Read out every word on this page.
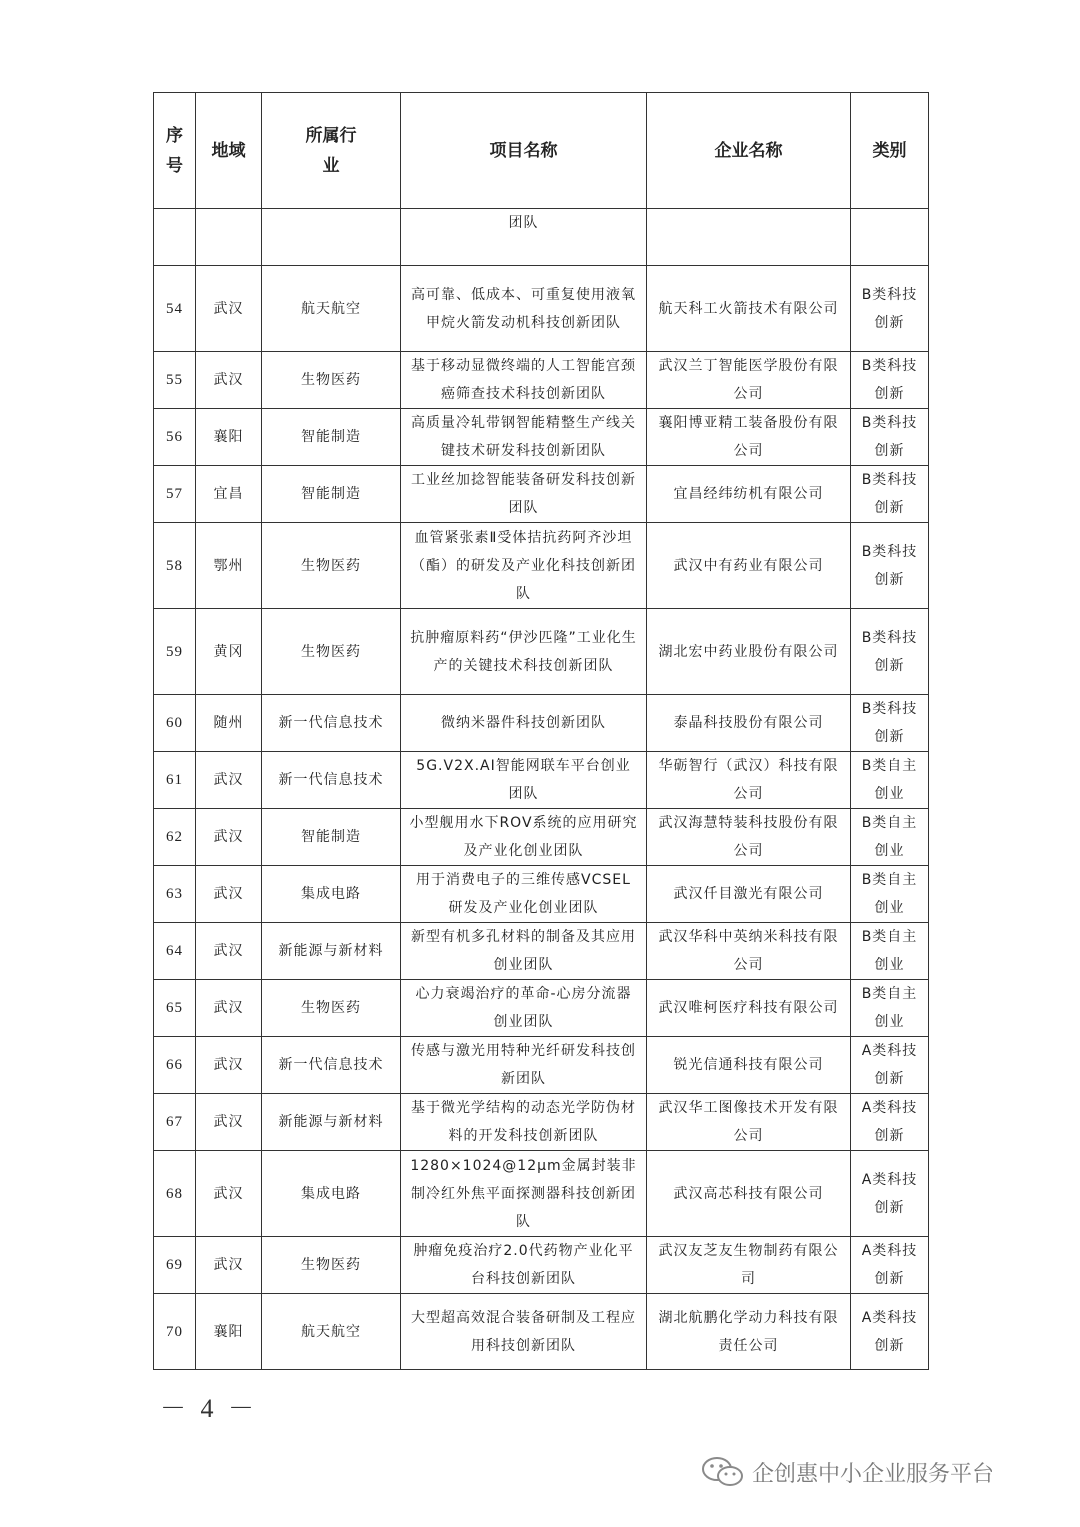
序号	地域	所属行业	项目名称	企业名称	类别
			团队		
54	武汉	航天航空	高可靠、低成本、可重复使用液氧甲烷火箭发动机科技创新团队	航天科工火箭技术有限公司	B类科技创新
55	武汉	生物医药	基于移动显微终端的人工智能宫颈癌筛查技术科技创新团队	武汉兰丁智能医学股份有限公司	B类科技创新
56	襄阳	智能制造	高质量冷轧带钢智能精整生产线关键技术研发科技创新团队	襄阳博亚精工装备股份有限公司	B类科技创新
57	宜昌	智能制造	工业丝加捻智能装备研发科技创新团队	宜昌经纬纺机有限公司	B类科技创新
58	鄂州	生物医药	血管紧张素Ⅱ受体拮抗药阿齐沙坦（酯）的研发及产业化科技创新团队	武汉中有药业有限公司	B类科技创新
59	黄冈	生物医药	抗肿瘤原料药“伊沙匹隆”工业化生产的关键技术科技创新团队	湖北宏中药业股份有限公司	B类科技创新
60	随州	新一代信息技术	微纳米器件科技创新团队	泰晶科技股份有限公司	B类科技创新
61	武汉	新一代信息技术	5G.V2X.AI智能网联车平台创业团队	华砺智行（武汉）科技有限公司	B类自主创业
62	武汉	智能制造	小型舰用水下ROV系统的应用研究及产业化创业团队	武汉海慧特装科技股份有限公司	B类自主创业
63	武汉	集成电路	用于消费电子的三维传感VCSEL研发及产业化创业团队	武汉仟目激光有限公司	B类自主创业
64	武汉	新能源与新材料	新型有机多孔材料的制备及其应用创业团队	武汉华科中英纳米科技有限公司	B类自主创业
65	武汉	生物医药	心力衰竭治疗的革命-心房分流器创业团队	武汉唯柯医疗科技有限公司	B类自主创业
66	武汉	新一代信息技术	传感与激光用特种光纤研发科技创新团队	锐光信通科技有限公司	A类科技创新
67	武汉	新能源与新材料	基于微光学结构的动态光学防伪材料的开发科技创新团队	武汉华工图像技术开发有限公司	A类科技创新
68	武汉	集成电路	1280×1024@12μm金属封装非制冷红外焦平面探测器科技创新团队	武汉高芯科技有限公司	A类科技创新
69	武汉	生物医药	肿瘤免疫治疗2.0代药物产业化平台科技创新团队	武汉友芝友生物制药有限公司	A类科技创新
70	襄阳	航天航空	大型超高效混合装备研制及工程应用科技创新团队	湖北航鹏化学动力科技有限责任公司	A类科技创新
－ 4 －
企创惠中小企业服务平台
